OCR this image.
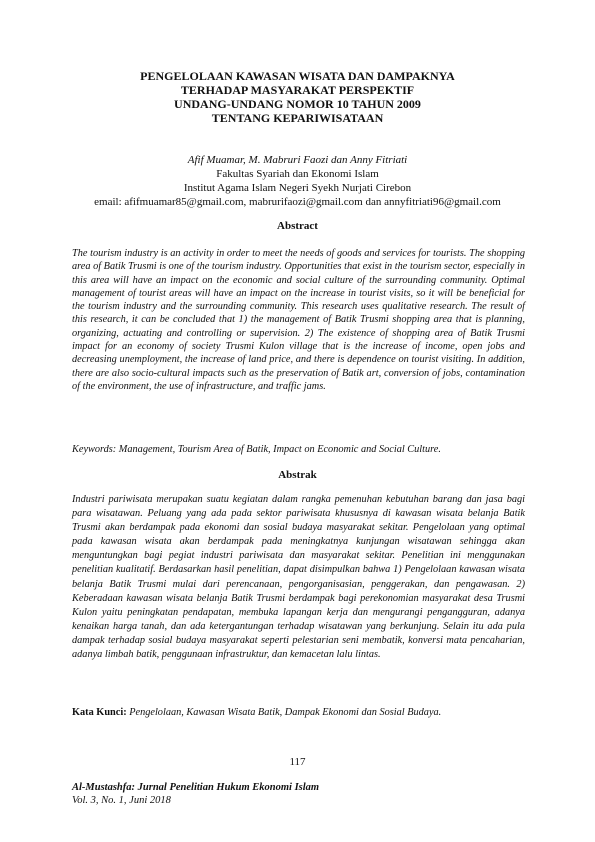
PENGELOLAAN KAWASAN WISATA DAN DAMPAKNYA
TERHADAP MASYARAKAT PERSPEKTIF
UNDANG-UNDANG NOMOR 10 TAHUN 2009
TENTANG KEPARIWISATAAN
Afif Muamar, M. Mabruri Faozi dan Anny Fitriati
Fakultas Syariah dan Ekonomi Islam
Institut Agama Islam Negeri Syekh Nurjati Cirebon
email: afifmuamar85@gmail.com, mabrurifaozi@gmail.com dan annyfitriati96@gmail.com
Abstract
The tourism industry is an activity in order to meet the needs of goods and services for tourists. The shopping area of Batik Trusmi is one of the tourism industry. Opportunities that exist in the tourism sector, especially in this area will have an impact on the economic and social culture of the surrounding community. Optimal management of tourist areas will have an impact on the increase in tourist visits, so it will be beneficial for the tourism industry and the surrounding community. This research uses qualitative research. The result of this research, it can be concluded that 1) the management of Batik Trusmi shopping area that is planning, organizing, actuating and controlling or supervision. 2) The existence of shopping area of Batik Trusmi impact for an economy of society Trusmi Kulon village that is the increase of income, open jobs and decreasing unemployment, the increase of land price, and there is dependence on tourist visiting. In addition, there are also socio-cultural impacts such as the preservation of Batik art, conversion of jobs, contamination of the environment, the use of infrastructure, and traffic jams.
Keywords: Management, Tourism Area of Batik, Impact on Economic and Social Culture.
Abstrak
Industri pariwisata merupakan suatu kegiatan dalam rangka pemenuhan kebutuhan barang dan jasa bagi para wisatawan. Peluang yang ada pada sektor pariwisata khususnya di kawasan wisata belanja Batik Trusmi akan berdampak pada ekonomi dan sosial budaya masyarakat sekitar. Pengelolaan yang optimal pada kawasan wisata akan berdampak pada meningkatnya kunjungan wisatawan sehingga akan menguntungkan bagi pegiat industri pariwisata dan masyarakat sekitar. Penelitian ini menggunakan penelitian kualitatif. Berdasarkan hasil penelitian, dapat disimpulkan bahwa 1) Pengelolaan kawasan wisata belanja Batik Trusmi mulai dari perencanaan, pengorganisasian, penggerakan, dan pengawasan. 2) Keberadaan kawasan wisata belanja Batik Trusmi berdampak bagi perekonomian masyarakat desa Trusmi Kulon yaitu peningkatan pendapatan, membuka lapangan kerja dan mengurangi pengangguran, adanya kenaikan harga tanah, dan ada ketergantungan terhadap wisatawan yang berkunjung. Selain itu ada pula dampak terhadap sosial budaya masyarakat seperti pelestarian seni membatik, konversi mata pencaharian, adanya limbah batik, penggunaan infrastruktur, dan kemacetan lalu lintas.
Kata Kunci: Pengelolaan, Kawasan Wisata Batik, Dampak Ekonomi dan Sosial Budaya.
117
Al-Mustashfa: Jurnal Penelitian Hukum Ekonomi Islam
Vol. 3, No. 1, Juni 2018
